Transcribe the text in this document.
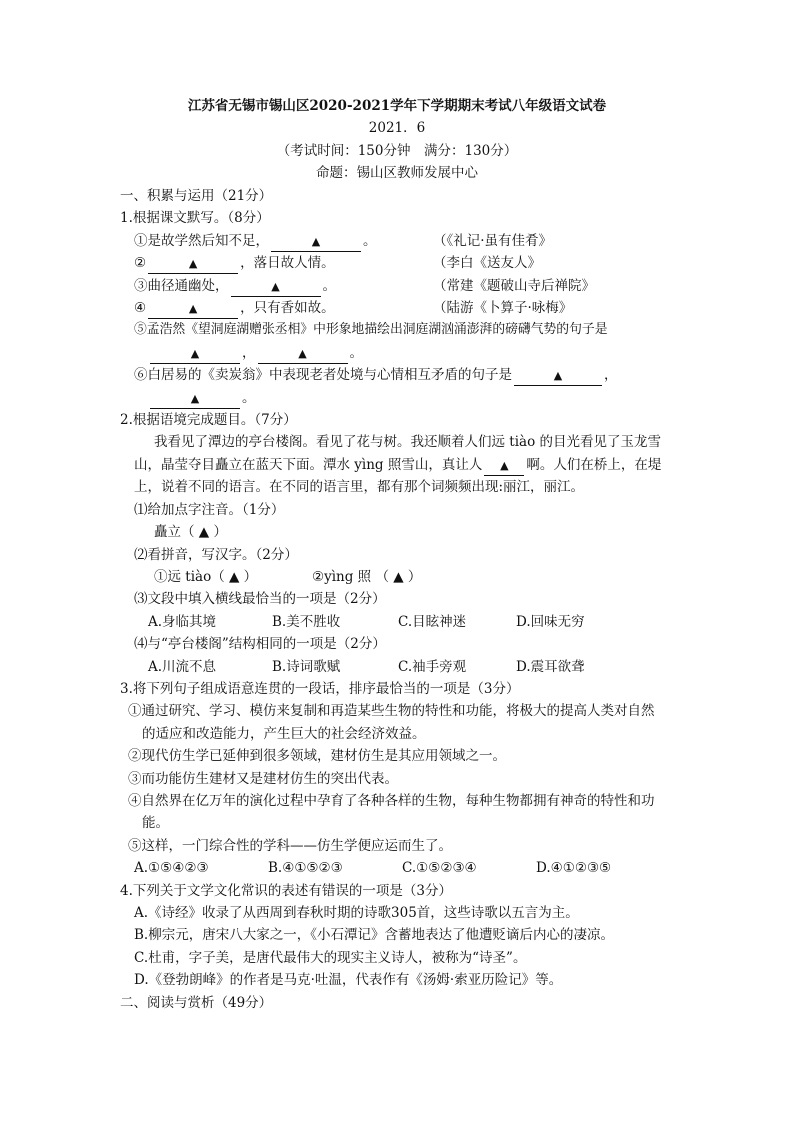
江苏省无锡市锡山区2020-2021学年下学期期末考试八年级语文试卷
2021．6
（考试时间：150分钟　满分：130分）
命题：锡山区教师发展中心
一、积累与运用（21分）
1.根据课文默写。（8分）
①是故学然后知不足，	▲	。	（《礼记·虽有佳肴》
②	▲	，落日故人情。	（李白《送友人》
③曲径通幽处，	▲	。	（常建《题破山寺后禅院》
④	▲	，只有香如故。	（陆游《卜算子·咏梅》
⑤孟浩然《望洞庭湖赠张丞相》中形象地描绘出洞庭湖汹涌澎湃的磅礴气势的句子是
▲	，	▲	。
⑥白居易的《卖炭翁》中表现老者处境与心情相互矛盾的句子是	▲	，
▲	。
2.根据语境完成题目。（7分）
我看见了潭边的亭台楼阁。看见了花与树。我还顺着人们远 tiào 的目光看见了玉龙雪
山，晶莹夺目矗立在蓝天下面。潭水 yìng 照雪山，真让人 ▲ 啊。人们在桥上，在堤
上，说着不同的语言。在不同的语言里，都有那个词频频出现:丽江，丽江。
⑴给加点字注音。（1分）
矗立（ ▲ ）
⑵看拼音，写汉字。（2分）
①远 tiào（ ▲ ）	②yìng 照 （ ▲ ）
⑶文段中填入横线最恰当的一项是（2分）
A.身临其境	B.美不胜收	C.目眩神迷	D.回味无穷
⑷与“亭台楼阁”结构相同的一项是（2分）
A.川流不息	B.诗词歌赋	C.袖手旁观	D.震耳欲聋
3.将下列句子组成语意连贯的一段话，排序最恰当的一项是（3分）
①通过研究、学习、模仿来复制和再造某些生物的特性和功能，将极大的提高人类对自然
的适应和改造能力，产生巨大的社会经济效益。
②现代仿生学已延伸到很多领域，建材仿生是其应用领域之一。
③而功能仿生建材又是建材仿生的突出代表。
④自然界在亿万年的演化过程中孕育了各种各样的生物，每种生物都拥有神奇的特性和功
能。
⑤这样，一门综合性的学科——仿生学便应运而生了。
A.①⑤④②③	B.④①⑤②③	C.①⑤②③④	D.④①②③⑤
4.下列关于文学文化常识的表述有错误的一项是（3分）
A.《诗经》收录了从西周到春秋时期的诗歌305首，这些诗歌以五言为主。
B.柳宗元，唐宋八大家之一，《小石潭记》含蓄地表达了他遭贬谪后内心的凄凉。
C.杜甫，字子美，是唐代最伟大的现实主义诗人，被称为“诗圣”。
D.《登勃朗峰》的作者是马克·吐温，代表作有《汤姆·索亚历险记》等。
二、阅读与赏析（49分）
